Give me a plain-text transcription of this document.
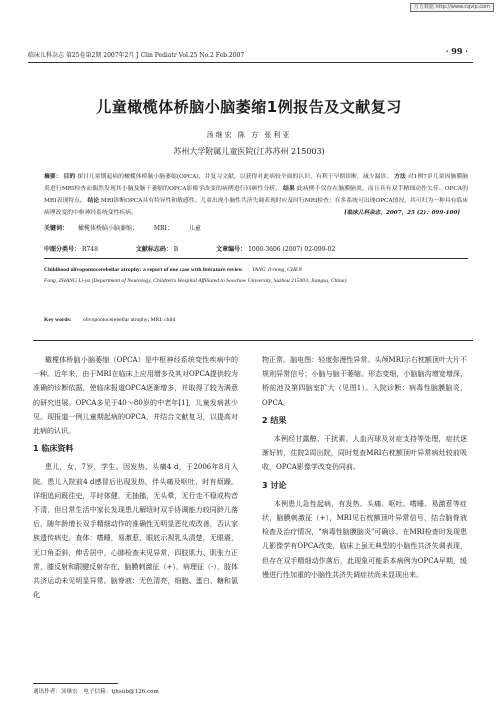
万方数据 http://www.cqvip.com
临床儿科杂志 第25卷第2期 2007年2月 J Clin Pediatr Vol.25 No.2 Feb.2007	· 99 ·
儿童橄榄体桥脑小脑萎缩1例报告及文献复习
汤继宏 陈 方 张利亚
苏州大学附属儿童医院(江苏苏州 215003)
摘要： 目的 探讨儿童期起病的橄榄体桥脑小脑萎缩(OPCA)，并复习文献，以获得对此病较全面的认识，有利于早期诊断，减少漏诊。 方法 对1例7岁儿童因脑膜脑炎进行MRI检查而偶然发现其小脑及脑干萎缩的OPCA影像学改变的病例进行回顾性分析。 结果 此病例不仅存在脑膜脑炎，而且具有双手精细动作欠佳、OPCA的MRI表现特点。 结论 MRI诊断OPCA具有特异性和敏感性。儿童出现小脑性共济失调表现时应及时行MRI检查；在多系统可出现OPCA情况，其可归为一种具有临床病理改变的中枢神经系统变性疾病。	[临床儿科杂志，2007，25 (2)：099-100]
关键词： 橄榄体桥脑小脑萎缩；	MRI；	儿童
中图分类号： R748	文献标志码： B	文章编号： 1000-3606 (2007) 02-099-02
Childhood olivopontocerebellar atrophy: a report of one case with literature review TANG Ji-hong, CHEN
Fang, ZHANG Li-ya (Department of Neurology, Children's Hospital Affiliated to Soochow University, Suzhou 215003, Jiangsu, China)
Key words: olivopontocerebellar atrophy; MRI; child

橄榄体桥脑小脑萎缩（OPCA）是中枢神经系统变性疾病中的一种。近年来，由于MRI在临床上应用增多及其对OPCA提供较为准确的诊断依据，使临床报道OPCA逐渐增多，并取得了较为满意的研究进展。OPCA多见于40～80岁的中老年[1]，儿童发病甚少见。现报道一例儿童期起病的OPCA，并结合文献复习，以提高对此病的认识。

1 临床资料

患儿，女，7岁，学生。因发热、头痛4 d，于2006年8月入院。患儿入院前4 d感冒后出现发热，伴头痛及呕吐，时有烦躁。详细追问既往史，平时体健，无抽搐，无头晕，无行走不稳或构音不清，但日常生活中家长发现患儿解纽时双手协调能力较同龄儿落后，随年龄增长双手精细动作的准确性无明显恶化或改善，否认家族遗传病史。查体：嗜睡，易激惹，眼底示视乳头清楚，无眼震，无口角歪斜，伸舌居中，心肺检查未见异常，四肢肌力、肌张力正常，膝反射和跟腱反射存在，脑膜刺激征（+），病理征（-），肢体共济运动未见明显异常。脑脊液：无色清亮，细胞、蛋白、糖和氯化

物正常。脑电图：轻度弥漫性异常。头颅MRI示右枕额顶叶大片不规则异常信号；小脑与脑干萎缩。形态变细，小脑脑沟增宽增深，桥前池及第四脑室扩大（见图1）。入院诊断：病毒性脑膜脑炎，OPCA。

2 结果

本例经甘露醇、干扰素、人血丙球及对症支持等处理，症状逐渐好转，住院2周出院，同时复查MRI右枕额顶叶异常病灶较前吸收，OPCA影像学改变仍同前。

3 讨论

本例患儿急性起病，有发热、头痛、呕吐、嗜睡、易激惹等症状，脑膜刺激征（+），MRI见右枕额顶叶异常信号，结合脑脊液检查及治疗情况，"病毒性脑膜脑炎"可确诊。在MRI检查时发现患儿影像学有OPCA改变，临床上虽无典型的小脑性共济失调表现，但存在双手精细动作落后，此现象可能系本病例为OPCA早期，缓慢进行性加重的小脑性共济失调症状尚未显现出来。

通讯作者：汤继宏　电子信箱：tjhsub@126.com
